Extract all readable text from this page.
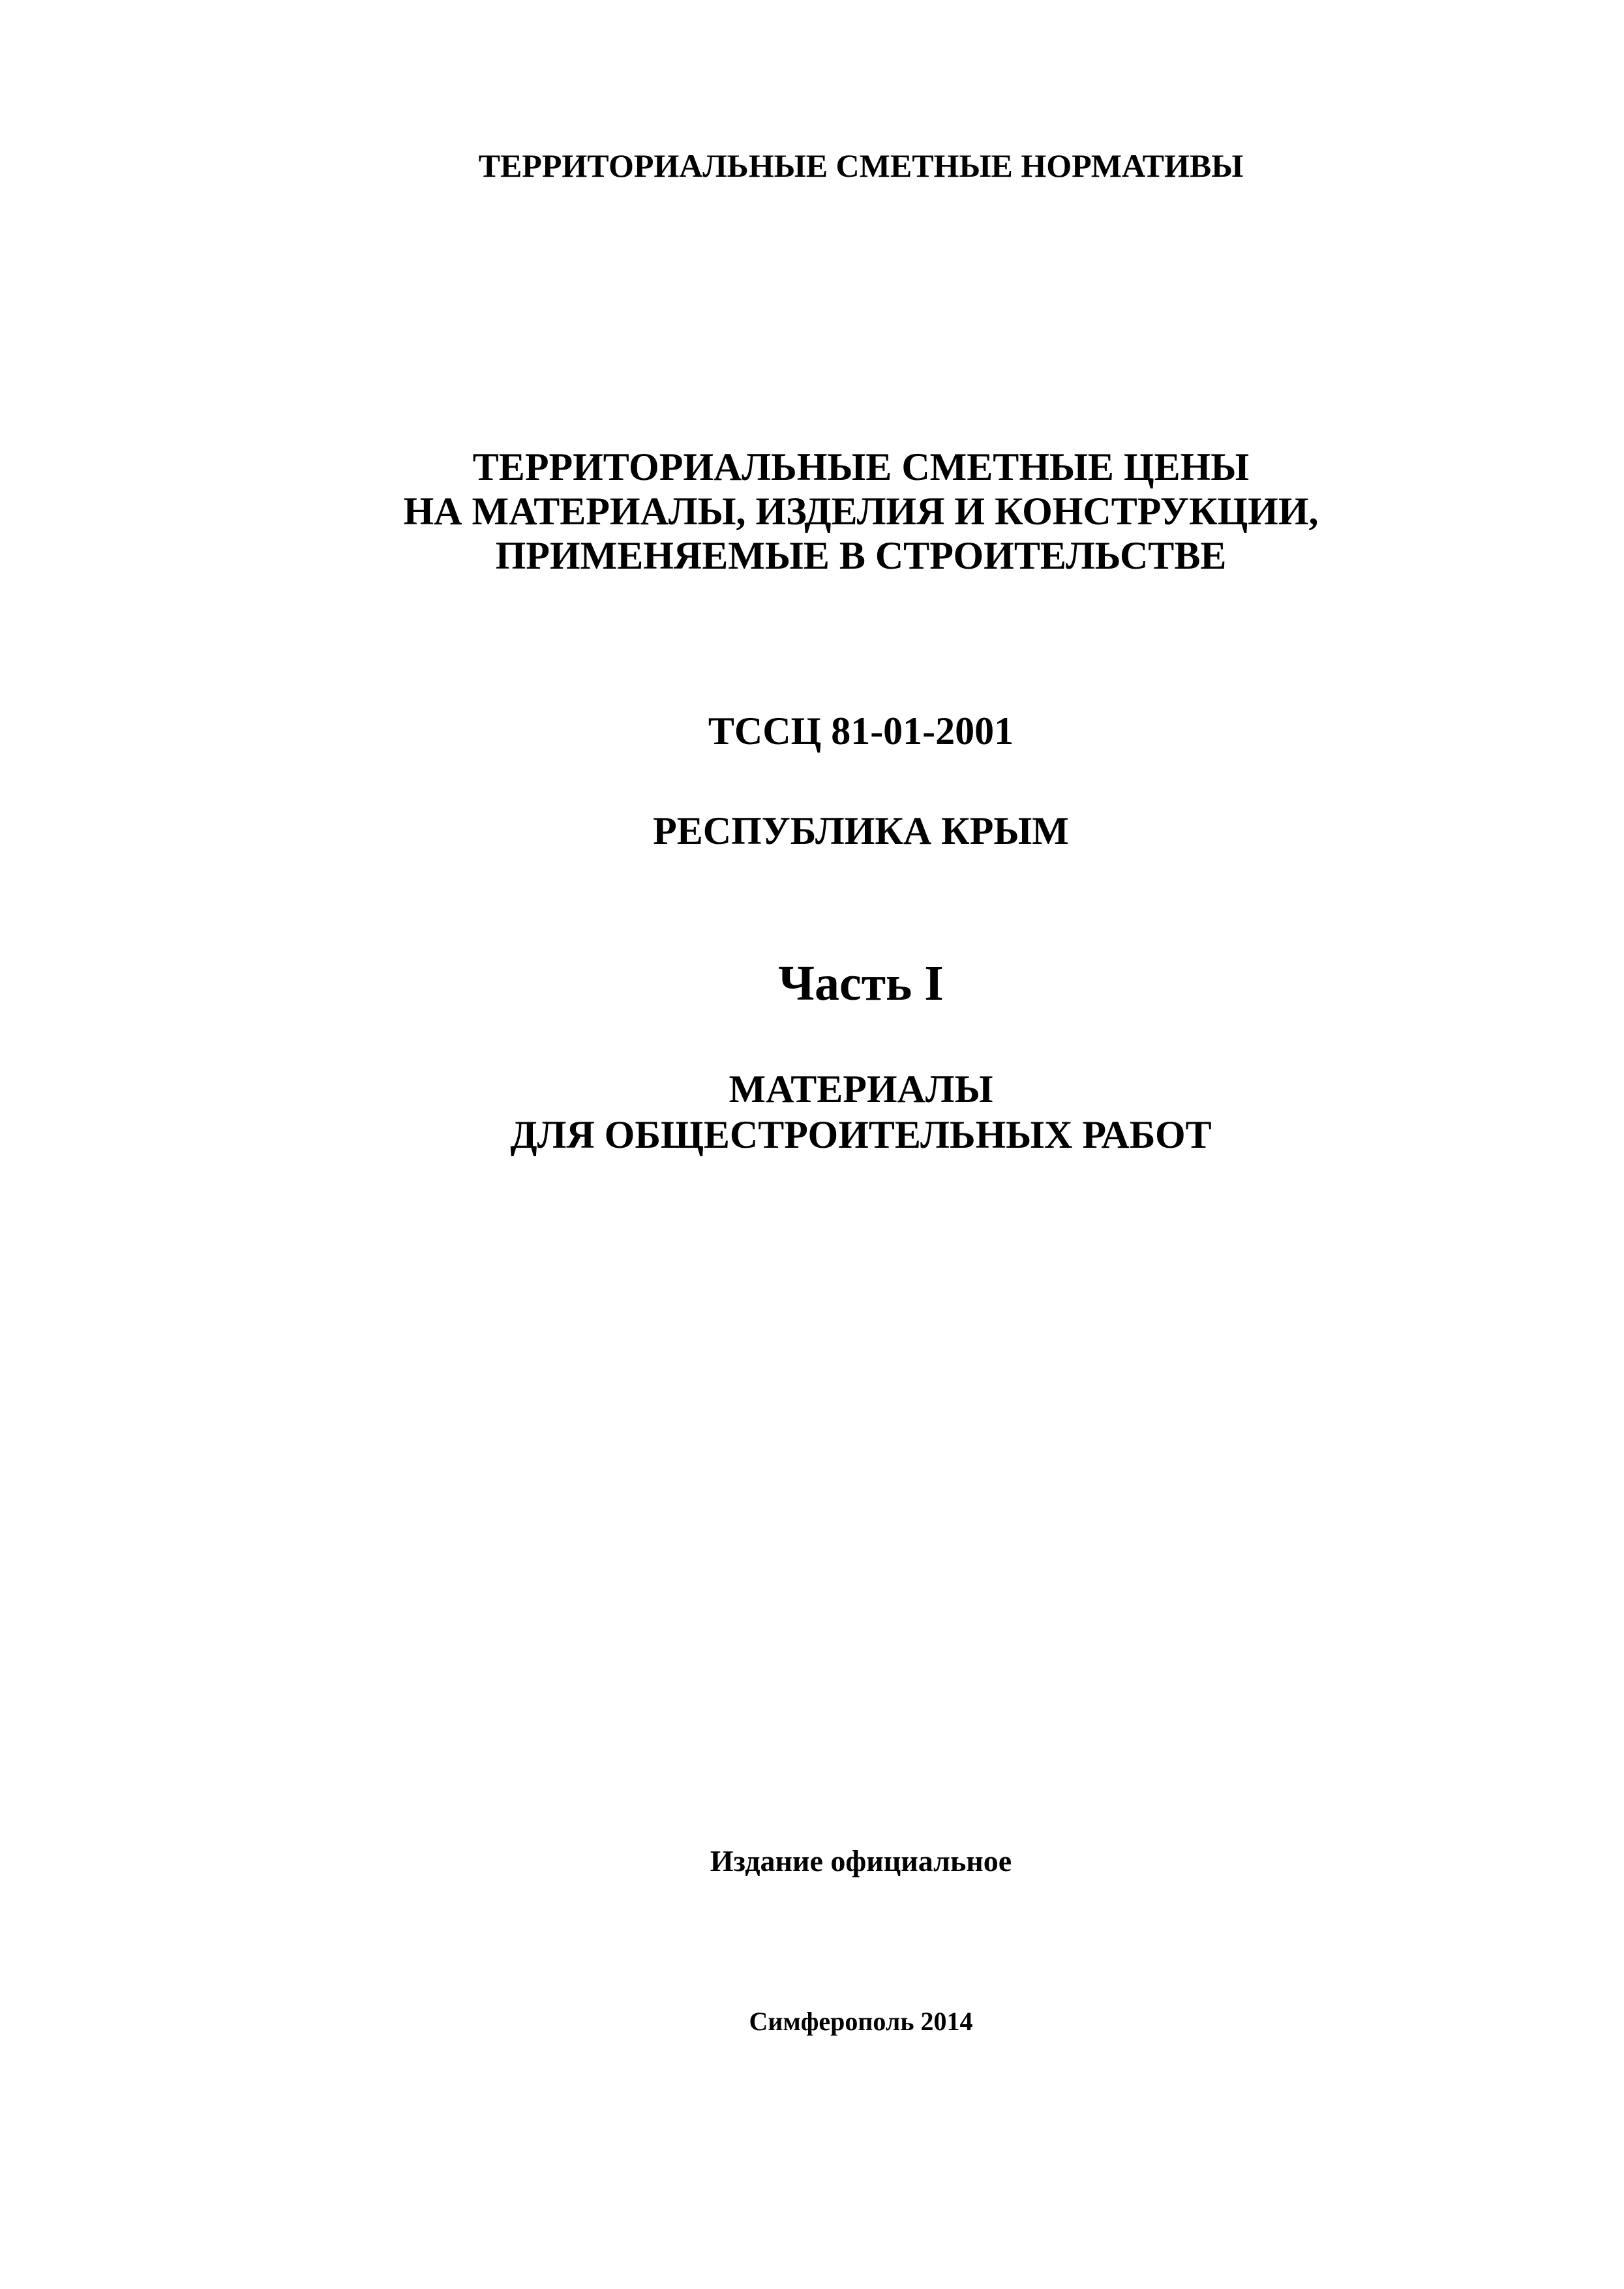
ТЕРРИТОРИАЛЬНЫЕ СМЕТНЫЕ НОРМАТИВЫ

ТЕРРИТОРИАЛЬНЫЕ СМЕТНЫЕ ЦЕНЫ

НА МАТЕРИАЛЫ, ИЗДЕЛИЯ И КОНСТРУКЦИИ,

ПРИМЕНЯЕМЫЕ В СТРОИТЕЛЬСТВЕ

ТССЦ 81-01-2001

РЕСПУБЛИКА КРЫМ

Часть I

МАТЕРИАЛЫ

ДЛЯ ОБЩЕСТРОИТЕЛЬНЫХ РАБОТ

Издание официальное

Симферополь 2014
